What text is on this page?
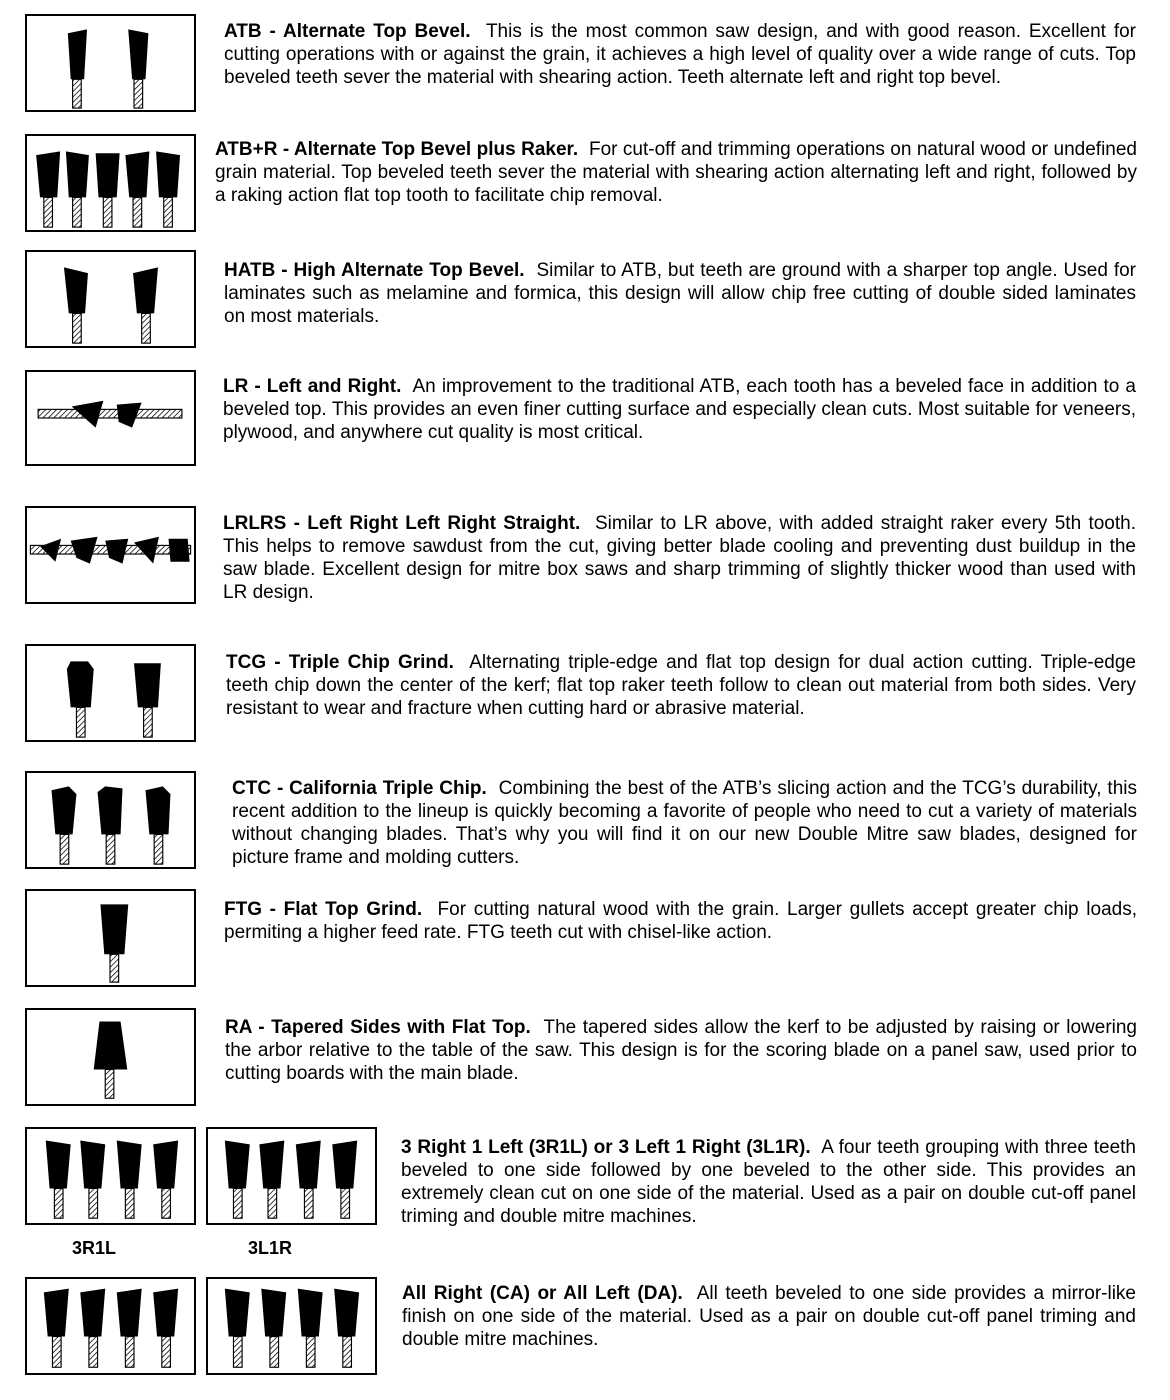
3R1L	3L1R
ATB - Alternate Top Bevel. This is the most common saw design, and with good reason. Excellent for cutting operations with or against the grain, it achieves a high level of quality over a wide range of cuts. Top beveled teeth sever the material with shearing action. Teeth alternate left and right top bevel.
ATB+R - Alternate Top Bevel plus Raker. For cut-off and trimming operations on natural wood or undefined grain material. Top beveled teeth sever the material with shearing action alternating left and right, followed by a raking action flat top tooth to facilitate chip removal.
HATB - High Alternate Top Bevel. Similar to ATB, but teeth are ground with a sharper top angle. Used for laminates such as melamine and formica, this design will allow chip free cutting of double sided laminates on most materials.
LR - Left and Right. An improvement to the traditional ATB, each tooth has a beveled face in addition to a beveled top. This provides an even finer cutting surface and especially clean cuts. Most suitable for veneers, plywood, and anywhere cut quality is most critical.
LRLRS - Left Right Left Right Straight. Similar to LR above, with added straight raker every 5th tooth. This helps to remove sawdust from the cut, giving better blade cooling and preventing dust buildup in the saw blade. Excellent design for mitre box saws and sharp trimming of slightly thicker wood than used with LR design.
TCG - Triple Chip Grind. Alternating triple-edge and flat top design for dual action cutting. Triple-edge teeth chip down the center of the kerf; flat top raker teeth follow to clean out material from both sides. Very resistant to wear and fracture when cutting hard or abrasive material.
CTC - California Triple Chip. Combining the best of the ATB’s slicing action and the TCG’s durability, this recent addition to the lineup is quickly becoming a favorite of people who need to cut a variety of materials without changing blades. That’s why you will find it on our new Double Mitre saw blades, designed for picture frame and molding cutters.
FTG - Flat Top Grind. For cutting natural wood with the grain. Larger gullets accept greater chip loads, permiting a higher feed rate. FTG teeth cut with chisel-like action.
RA - Tapered Sides with Flat Top. The tapered sides allow the kerf to be adjusted by raising or lowering the arbor relative to the table of the saw. This design is for the scoring blade on a panel saw, used prior to cutting boards with the main blade.
3 Right 1 Left (3R1L) or 3 Left 1 Right (3L1R). A four teeth grouping with three teeth beveled to one side followed by one beveled to the other side. This provides an extremely clean cut on one side of the material. Used as a pair on double cut-off panel triming and double mitre machines.
All Right (CA) or All Left (DA). All teeth beveled to one side provides a mirror-like finish on one side of the material. Used as a pair on double cut-off panel triming and double mitre machines.
